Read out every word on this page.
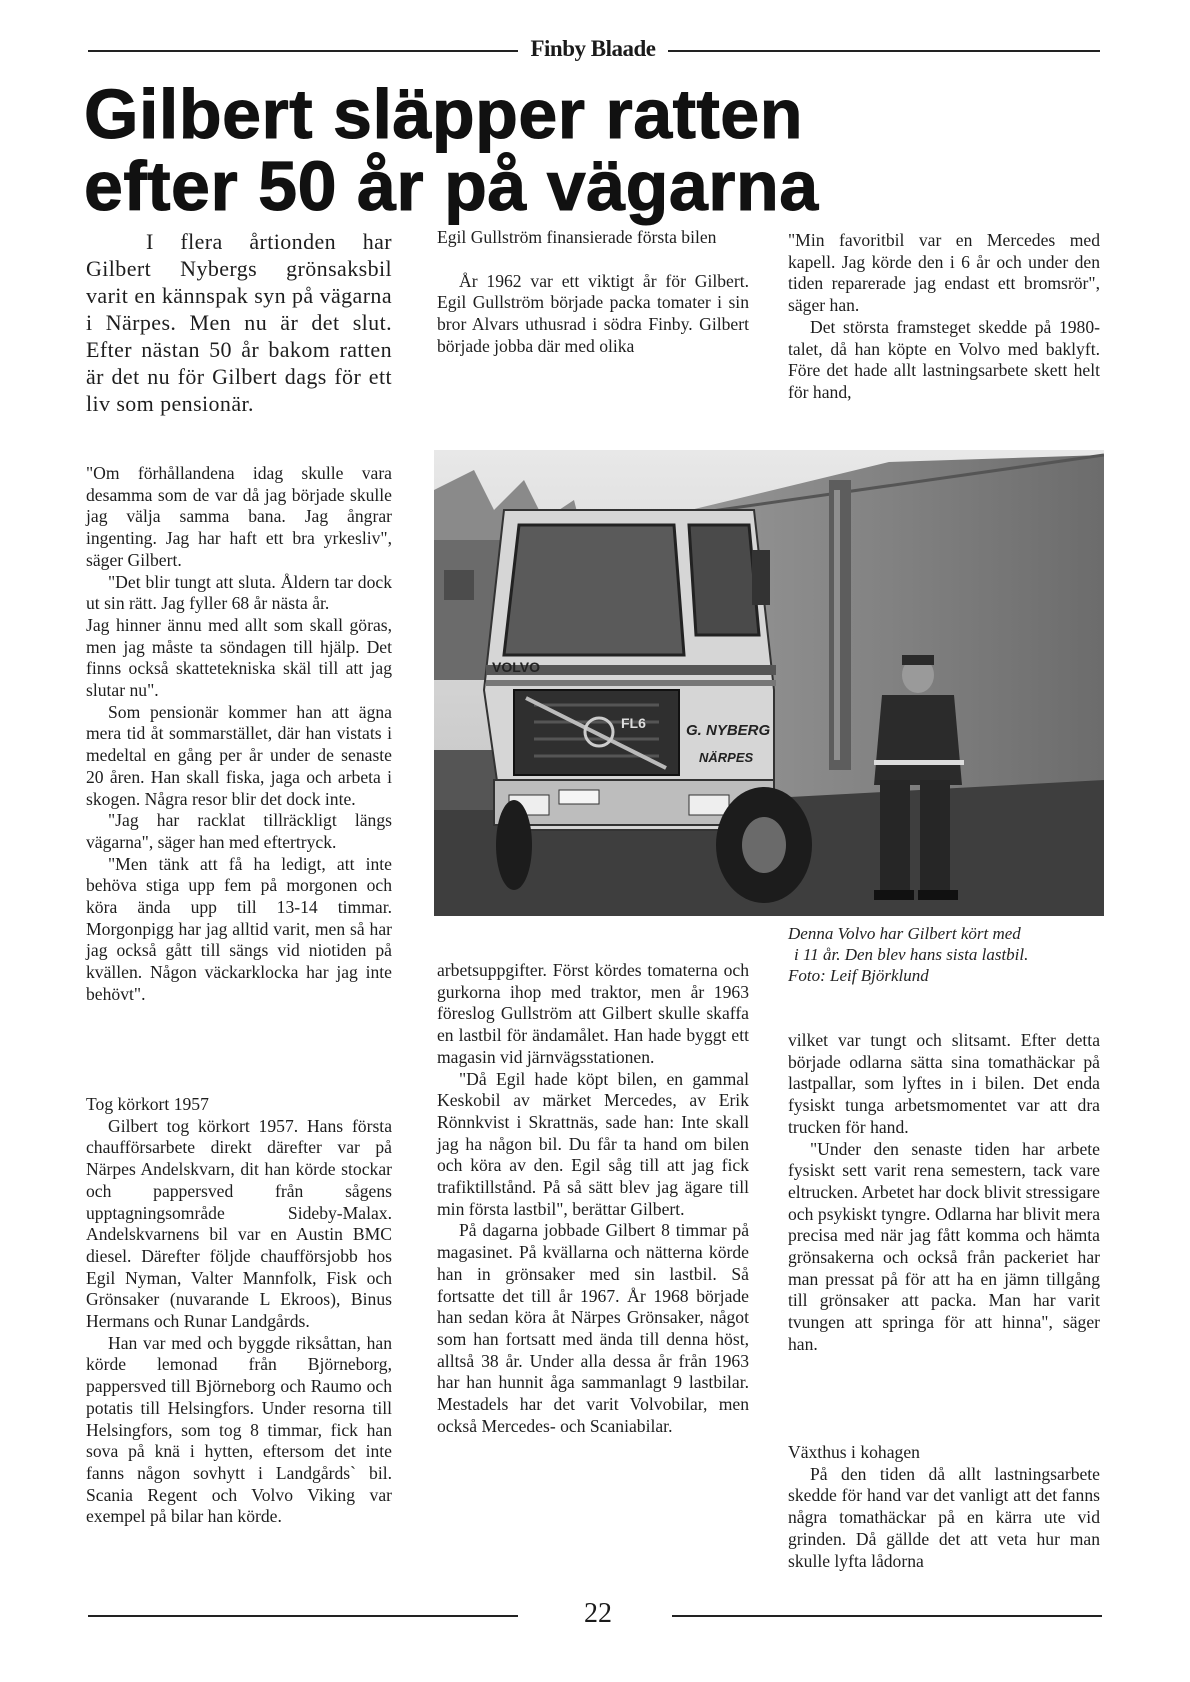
Finby Blaade
Gilbert släpper ratten
efter 50 år på vägarna

I flera årtionden har Gilbert Nybergs grönsaksbil varit en kännspak syn på vägarna i Närpes. Men nu är det slut. Efter nästan 50 år bakom ratten är det nu för Gilbert dags för ett liv som pensionär.

"Om förhållandena idag skulle vara desamma som de var då jag började skulle jag välja samma bana. Jag ångrar ingenting. Jag har haft ett bra yrkesliv", säger Gilbert.

"Det blir tungt att sluta. Åldern tar dock ut sin rätt. Jag fyller 68 år nästa år.

Jag hinner ännu med allt som skall göras, men jag måste ta söndagen till hjälp. Det finns också skattetekniska skäl till att jag slutar nu".

Som pensionär kommer han att ägna mera tid åt sommarstället, där han vistats i medeltal en gång per år under de senaste 20 åren. Han skall fiska, jaga och arbeta i skogen. Några resor blir det dock inte.

"Jag har racklat tillräckligt längs vägarna", säger han med eftertryck.

"Men tänk att få ha ledigt, att inte behöva stiga upp fem på morgonen och köra ända upp till 13-14 timmar. Morgonpigg har jag alltid varit, men så har jag också gått till sängs vid niotiden på kvällen. Någon väckarklocka har jag inte behövt".

Tog körkort 1957

Gilbert tog körkort 1957. Hans första chaufförsarbete direkt därefter var på Närpes Andelskvarn, dit han körde stockar och pappersved från sågens upptagningsområde Sideby-Malax. Andelskvarnens bil var en Austin BMC diesel. Därefter följde chaufförsjobb hos Egil Nyman, Valter Mannfolk, Fisk och Grönsaker (nuvarande L Ekroos), Binus Hermans och Runar Landgårds.

Han var med och byggde riksåttan, han körde lemonad från Björneborg, pappersved till Björneborg och Raumo och potatis till Helsingfors. Under resorna till Helsingfors, som tog 8 timmar, fick han sova på knä i hytten, eftersom det inte fanns någon sovhytt i Landgårds` bil. Scania Regent och Volvo Viking var exempel på bilar han körde.

Egil Gullström finansierade första bilen

År 1962 var ett viktigt år för Gilbert. Egil Gullström började packa tomater i sin bror Alvars uthusrad i södra Finby. Gilbert började jobba där med olika

"Min favoritbil var en Mercedes med kapell. Jag körde den i 6 år och under den tiden reparerade jag endast ett bromsrör", säger han.

Det största framsteget skedde på 1980-talet, då han köpte en Volvo med baklyft. Före det hade allt lastningsarbete skett helt för hand,

VOLVO
FL6	G. NYBERG
NÄRPES

Denna Volvo har Gilbert kört med

i 11 år. Den blev hans sista lastbil.

Foto: Leif Björklund

arbetsuppgifter. Först kördes tomaterna och gurkorna ihop med traktor, men år 1963 föreslog Gullström att Gilbert skulle skaffa en lastbil för ändamålet. Han hade byggt ett magasin vid järnvägsstationen.

"Då Egil hade köpt bilen, en gammal Keskobil av märket Mercedes, av Erik Rönnkvist i Skrattnäs, sade han: Inte skall jag ha någon bil. Du får ta hand om bilen och köra av den. Egil såg till att jag fick trafiktillstånd. På så sätt blev jag ägare till min första lastbil", berättar Gilbert.

På dagarna jobbade Gilbert 8 timmar på magasinet. På kvällarna och nätterna körde han in grönsaker med sin lastbil. Så fortsatte det till år 1967. År 1968 började han sedan köra åt Närpes Grönsaker, något som han fortsatt med ända till denna höst, alltså 38 år. Under alla dessa år från 1963 har han hunnit åga sammanlagt 9 lastbilar. Mestadels har det varit Volvobilar, men också Mercedes- och Scaniabilar.

vilket var tungt och slitsamt. Efter detta började odlarna sätta sina tomathäckar på lastpallar, som lyftes in i bilen. Det enda fysiskt tunga arbetsmomentet var att dra trucken för hand.

"Under den senaste tiden har arbete fysiskt sett varit rena semestern, tack vare eltrucken. Arbetet har dock blivit stressigare och psykiskt tyngre. Odlarna har blivit mera precisa med när jag fått komma och hämta grönsakerna och också från packeriet har man pressat på för att ha en jämn tillgång till grönsaker att packa. Man har varit tvungen att springa för att hinna", säger han.

Växthus i kohagen

På den tiden då allt lastningsarbete skedde för hand var det vanligt att det fanns några tomathäckar på en kärra ute vid grinden. Då gällde det att veta hur man skulle lyfta lådorna

22
